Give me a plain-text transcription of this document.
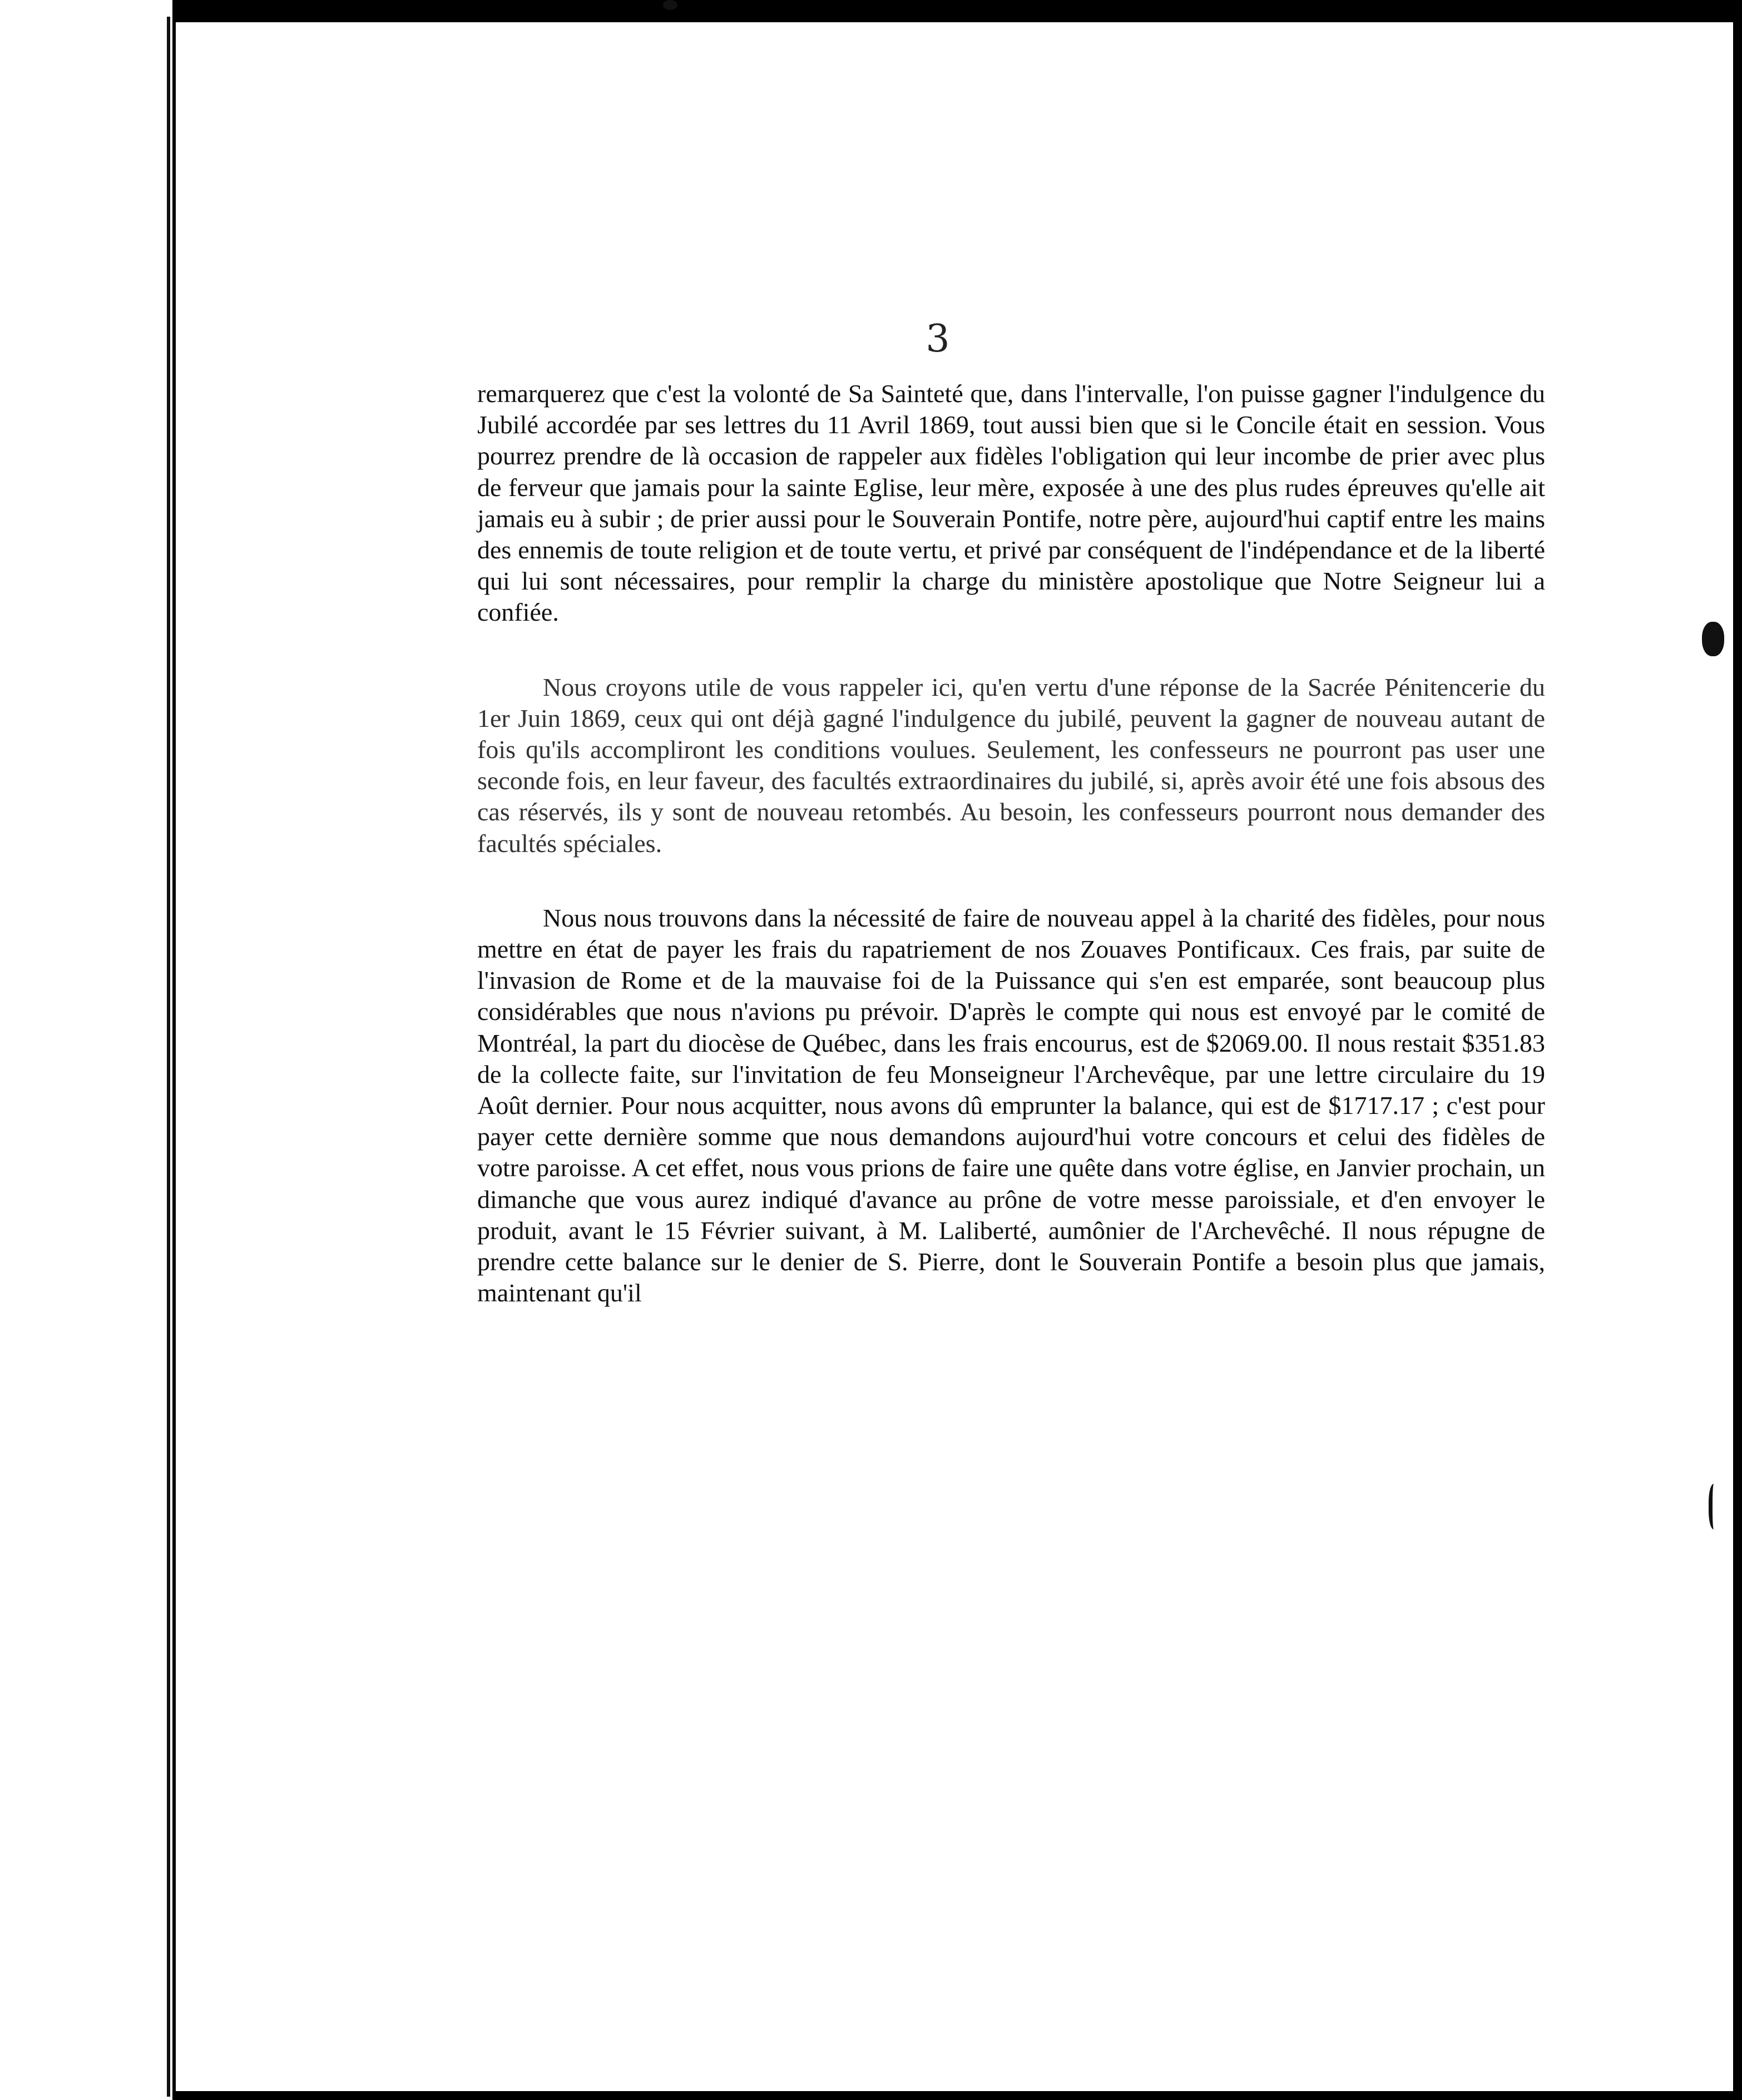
3

remarquerez que c'est la volonté de Sa Sainteté que, dans l'intervalle, l'on puisse gagner l'indulgence du Jubilé accordée par ses lettres du 11 Avril 1869, tout aussi bien que si le Concile était en session. Vous pourrez prendre de là occasion de rappeler aux fidèles l'obligation qui leur incombe de prier avec plus de ferveur que jamais pour la sainte Eglise, leur mère, exposée à une des plus rudes épreuves qu'elle ait jamais eu à subir ; de prier aussi pour le Souverain Pontife, notre père, aujourd'hui captif entre les mains des ennemis de toute religion et de toute vertu, et privé par conséquent de l'indépendance et de la liberté qui lui sont nécessaires, pour remplir la charge du ministère apostolique que Notre Seigneur lui a confiée.

Nous croyons utile de vous rappeler ici, qu'en vertu d'une réponse de la Sacrée Pénitencerie du 1er Juin 1869, ceux qui ont déjà gagné l'indulgence du jubilé, peuvent la gagner de nouveau autant de fois qu'ils accompliront les conditions voulues. Seulement, les confesseurs ne pourront pas user une seconde fois, en leur faveur, des facultés extraordinaires du jubilé, si, après avoir été une fois absous des cas réservés, ils y sont de nouveau retombés. Au besoin, les confesseurs pourront nous demander des facultés spéciales.

Nous nous trouvons dans la nécessité de faire de nouveau appel à la charité des fidèles, pour nous mettre en état de payer les frais du rapatriement de nos Zouaves Pontificaux. Ces frais, par suite de l'invasion de Rome et de la mauvaise foi de la Puissance qui s'en est emparée, sont beaucoup plus considérables que nous n'avions pu prévoir. D'après le compte qui nous est envoyé par le comité de Montréal, la part du diocèse de Québec, dans les frais encourus, est de $2069.00. Il nous restait $351.83 de la collecte faite, sur l'invitation de feu Monseigneur l'Archevêque, par une lettre circulaire du 19 Août dernier. Pour nous acquitter, nous avons dû emprunter la balance, qui est de $1717.17 ; c'est pour payer cette dernière somme que nous demandons aujourd'hui votre concours et celui des fidèles de votre paroisse. A cet effet, nous vous prions de faire une quête dans votre église, en Janvier prochain, un dimanche que vous aurez indiqué d'avance au prône de votre messe paroissiale, et d'en envoyer le produit, avant le 15 Février suivant, à M. Laliberté, aumônier de l'Archevêché. Il nous répugne de prendre cette balance sur le denier de S. Pierre, dont le Souverain Pontife a besoin plus que jamais, maintenant qu'il
